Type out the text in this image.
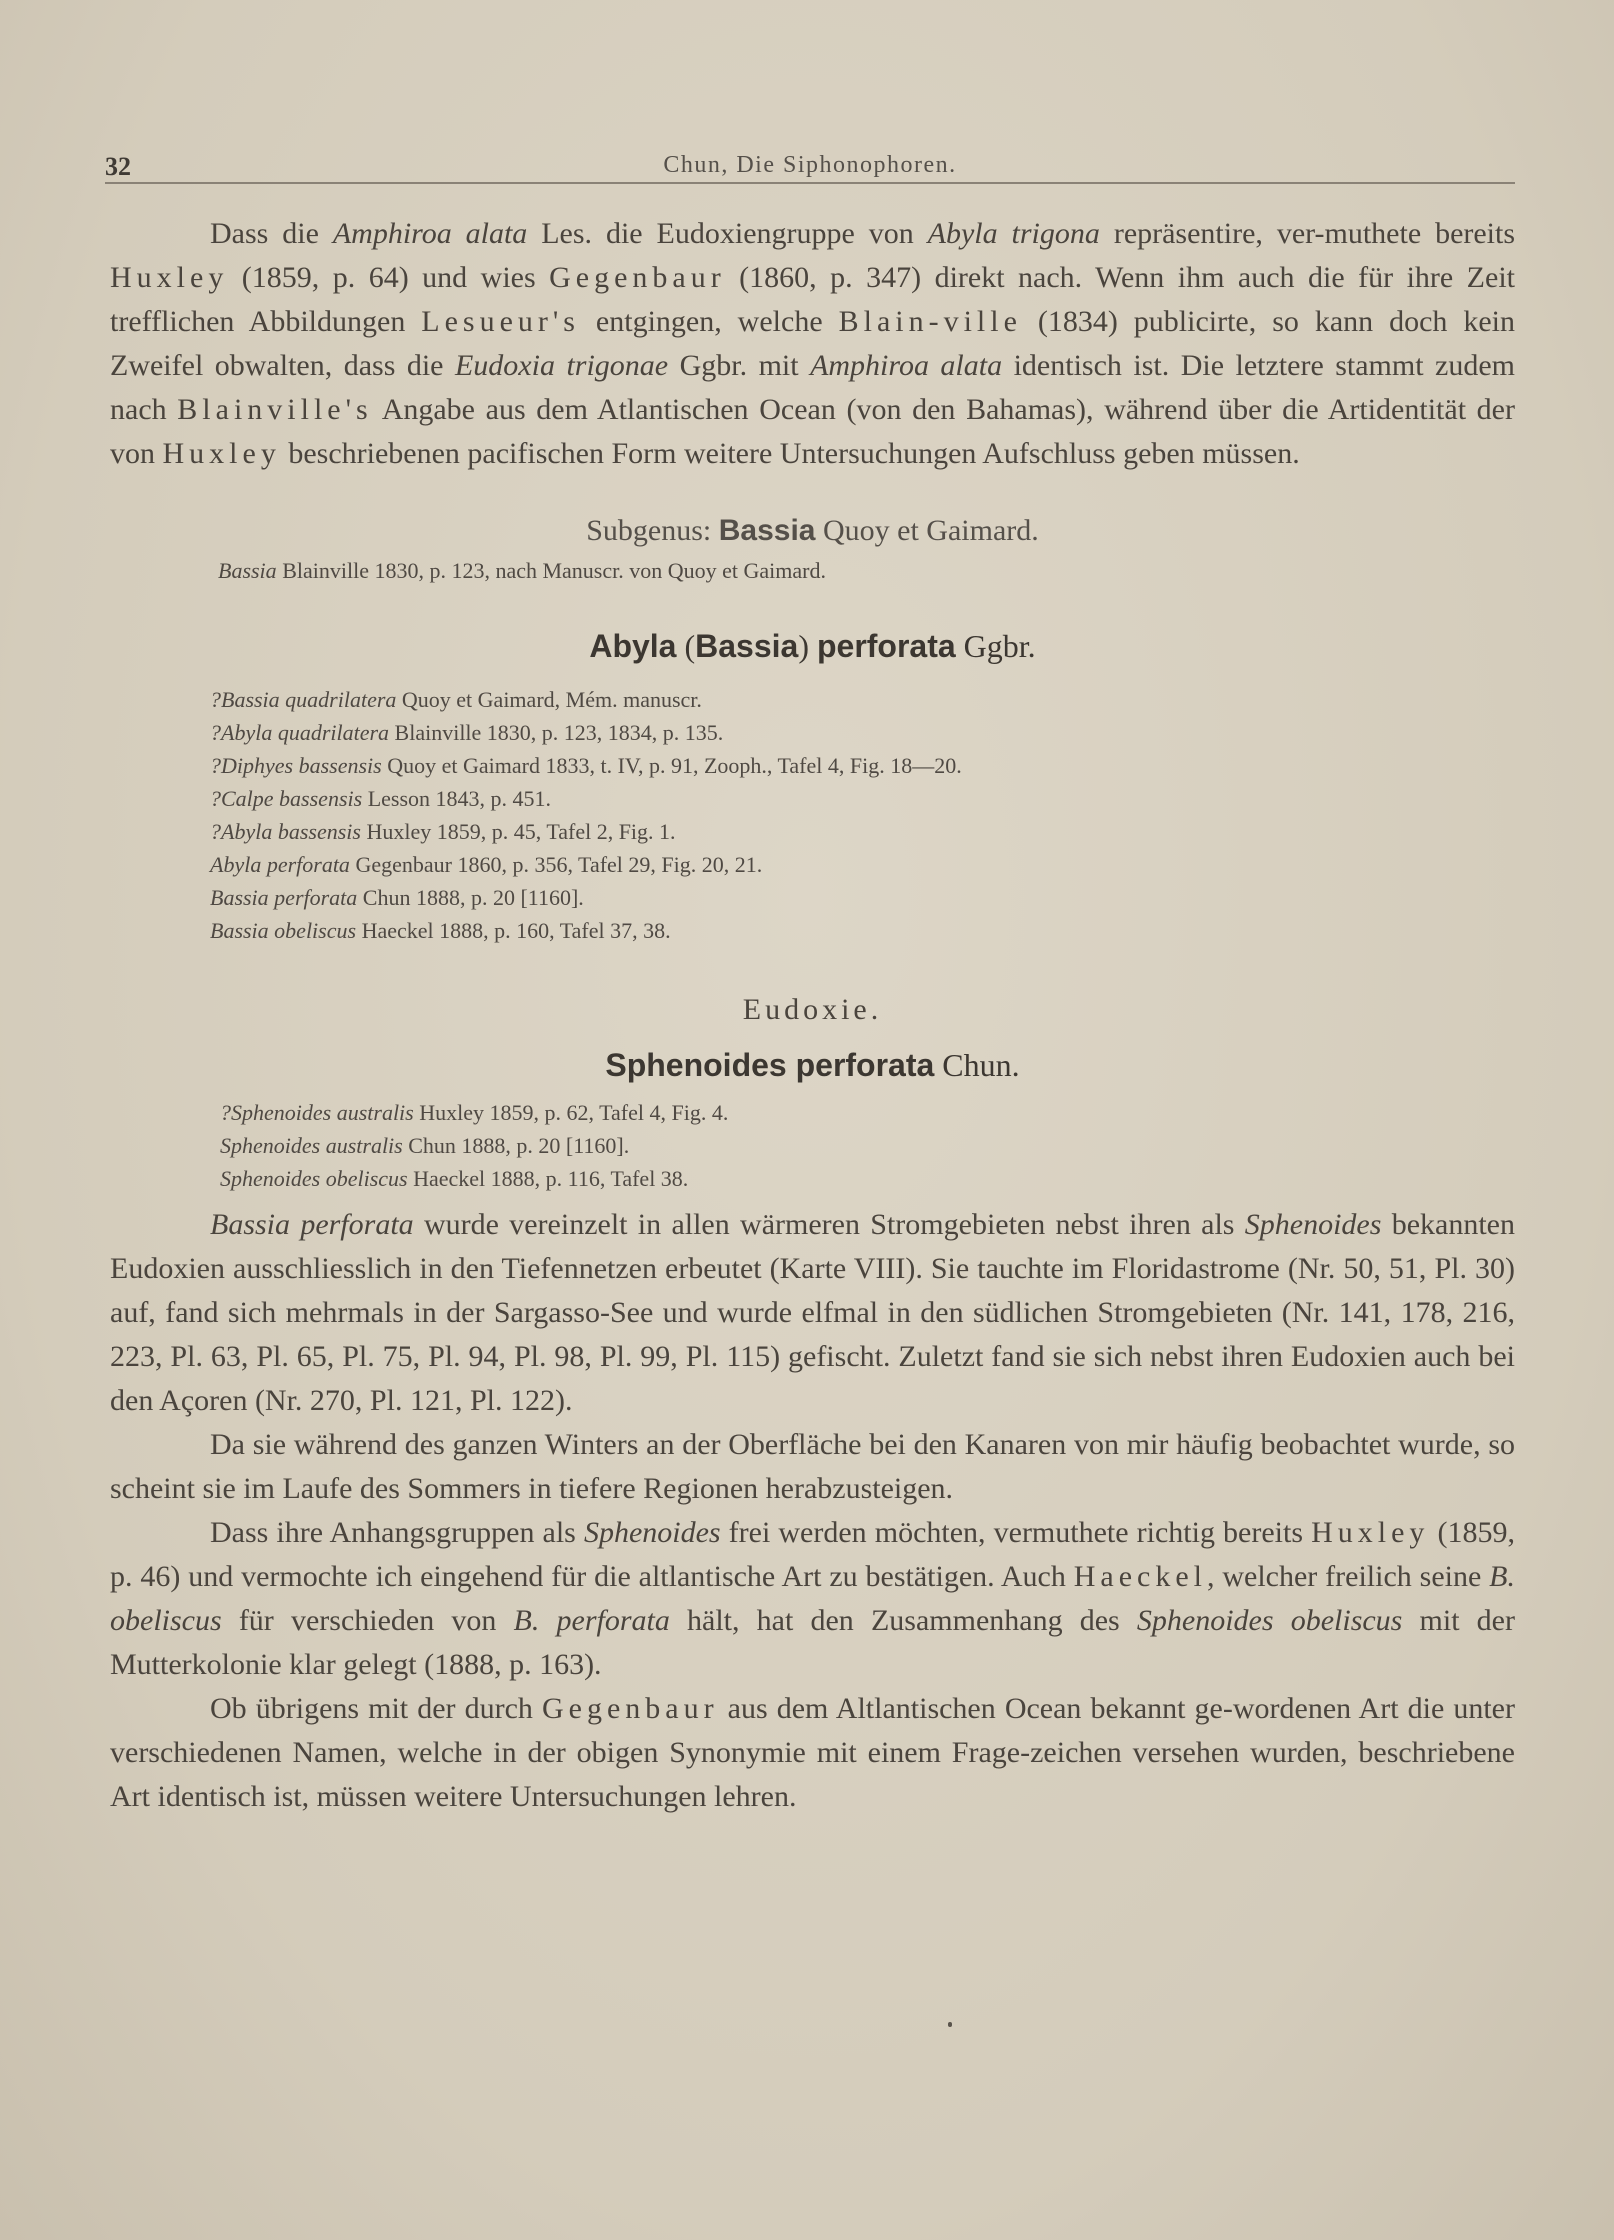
32	Chun, Die Siphonophoren.

Dass die Amphiroa alata Les. die Eudoxiengruppe von Abyla trigona repräsentire, ver-muthete bereits Huxley (1859, p. 64) und wies Gegenbaur (1860, p. 347) direkt nach. Wenn ihm auch die für ihre Zeit trefflichen Abbildungen Lesueur's entgingen, welche Blain-ville (1834) publicirte, so kann doch kein Zweifel obwalten, dass die Eudoxia trigonae Ggbr. mit Amphiroa alata identisch ist. Die letztere stammt zudem nach Blainville's Angabe aus dem Atlantischen Ocean (von den Bahamas), während über die Artidentität der von Huxley beschriebenen pacifischen Form weitere Untersuchungen Aufschluss geben müssen.

Subgenus: Bassia Quoy et Gaimard.
Bassia Blainville 1830, p. 123, nach Manuscr. von Quoy et Gaimard.
Abyla (Bassia) perforata Ggbr.
?Bassia quadrilatera Quoy et Gaimard, Mém. manuscr.
?Abyla quadrilatera Blainville 1830, p. 123, 1834, p. 135.
?Diphyes bassensis Quoy et Gaimard 1833, t. IV, p. 91, Zooph., Tafel 4, Fig. 18—20.
?Calpe bassensis Lesson 1843, p. 451.
?Abyla bassensis Huxley 1859, p. 45, Tafel 2, Fig. 1.
Abyla perforata Gegenbaur 1860, p. 356, Tafel 29, Fig. 20, 21.
Bassia perforata Chun 1888, p. 20 [1160].
Bassia obeliscus Haeckel 1888, p. 160, Tafel 37, 38.
Eudoxie.
Sphenoides perforata Chun.
?Sphenoides australis Huxley 1859, p. 62, Tafel 4, Fig. 4.
Sphenoides australis Chun 1888, p. 20 [1160].
Sphenoides obeliscus Haeckel 1888, p. 116, Tafel 38.

Bassia perforata wurde vereinzelt in allen wärmeren Stromgebieten nebst ihren als Sphenoides bekannten Eudoxien ausschliesslich in den Tiefennetzen erbeutet (Karte VIII). Sie tauchte im Floridastrome (Nr. 50, 51, Pl. 30) auf, fand sich mehrmals in der Sargasso-See und wurde elfmal in den südlichen Stromgebieten (Nr. 141, 178, 216, 223, Pl. 63, Pl. 65, Pl. 75, Pl. 94, Pl. 98, Pl. 99, Pl. 115) gefischt. Zuletzt fand sie sich nebst ihren Eudoxien auch bei den Açoren (Nr. 270, Pl. 121, Pl. 122).

Da sie während des ganzen Winters an der Oberfläche bei den Kanaren von mir häufig beobachtet wurde, so scheint sie im Laufe des Sommers in tiefere Regionen herabzusteigen.

Dass ihre Anhangsgruppen als Sphenoides frei werden möchten, vermuthete richtig bereits Huxley (1859, p. 46) und vermochte ich eingehend für die altlantische Art zu bestätigen. Auch Haeckel, welcher freilich seine B. obeliscus für verschieden von B. perforata hält, hat den Zusammenhang des Sphenoides obeliscus mit der Mutterkolonie klar gelegt (1888, p. 163).

Ob übrigens mit der durch Gegenbaur aus dem Altlantischen Ocean bekannt ge-wordenen Art die unter verschiedenen Namen, welche in der obigen Synonymie mit einem Frage-zeichen versehen wurden, beschriebene Art identisch ist, müssen weitere Untersuchungen lehren.
